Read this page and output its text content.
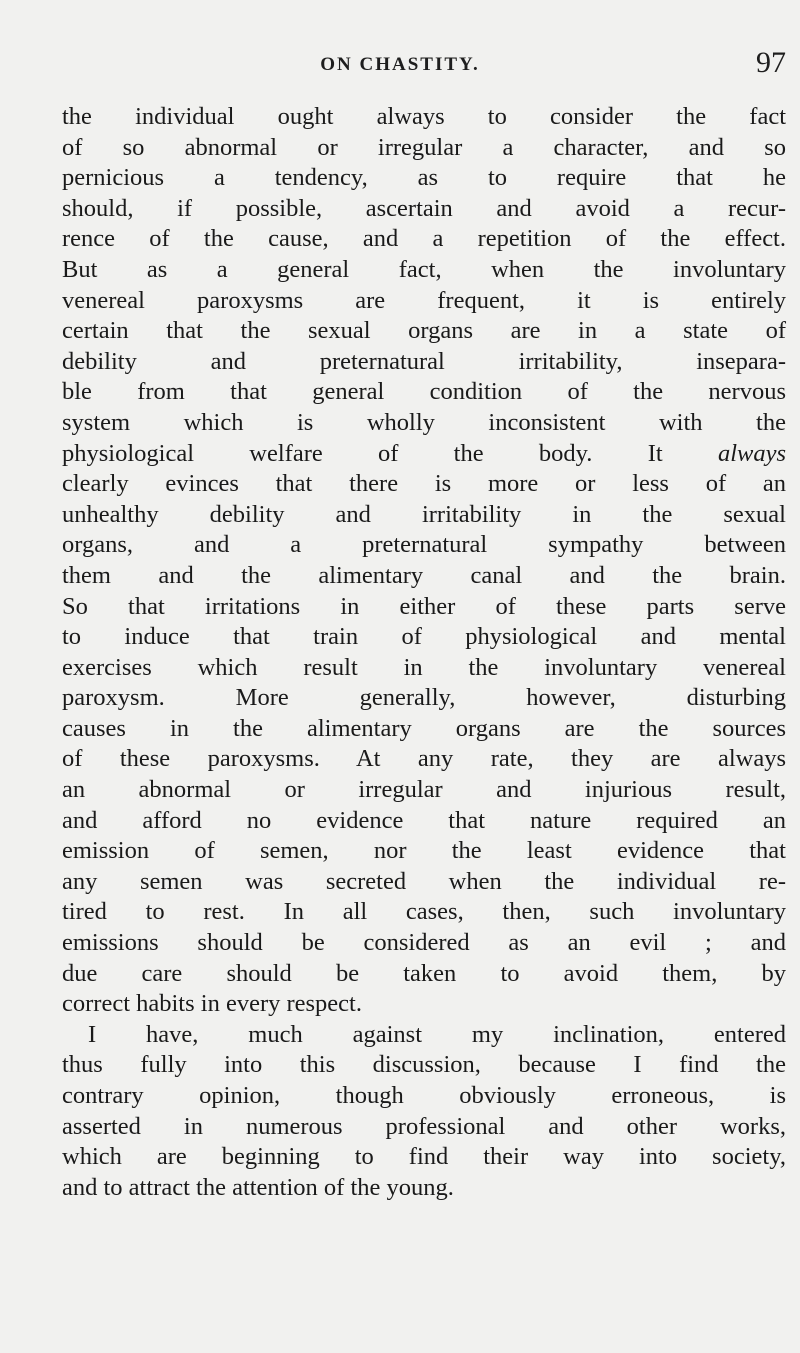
ON CHASTITY.	97
the individual ought always to consider the fact
of so abnormal or irregular a character, and so
pernicious a tendency, as to require that he
should, if possible, ascertain and avoid a recur-
rence of the cause, and a repetition of the effect.
But as a general fact, when the involuntary
venereal paroxysms are frequent, it is entirely
certain that the sexual organs are in a state of
debility and preternatural irritability, insepara-
ble from that general condition of the nervous
system which is wholly inconsistent with the
physiological welfare of the body. It always
clearly evinces that there is more or less of an
unhealthy debility and irritability in the sexual
organs, and a preternatural sympathy between
them and the alimentary canal and the brain.
So that irritations in either of these parts serve
to induce that train of physiological and mental
exercises which result in the involuntary venereal
paroxysm. More generally, however, disturbing
causes in the alimentary organs are the sources
of these paroxysms. At any rate, they are always
an abnormal or irregular and injurious result,
and afford no evidence that nature required an
emission of semen, nor the least evidence that
any semen was secreted when the individual re-
tired to rest. In all cases, then, such involuntary
emissions should be considered as an evil ; and
due care should be taken to avoid them, by
correct habits in every respect.
I have, much against my inclination, entered
thus fully into this discussion, because I find the
contrary opinion, though obviously erroneous, is
asserted in numerous professional and other works,
which are beginning to find their way into society,
and to attract the attention of the young.
